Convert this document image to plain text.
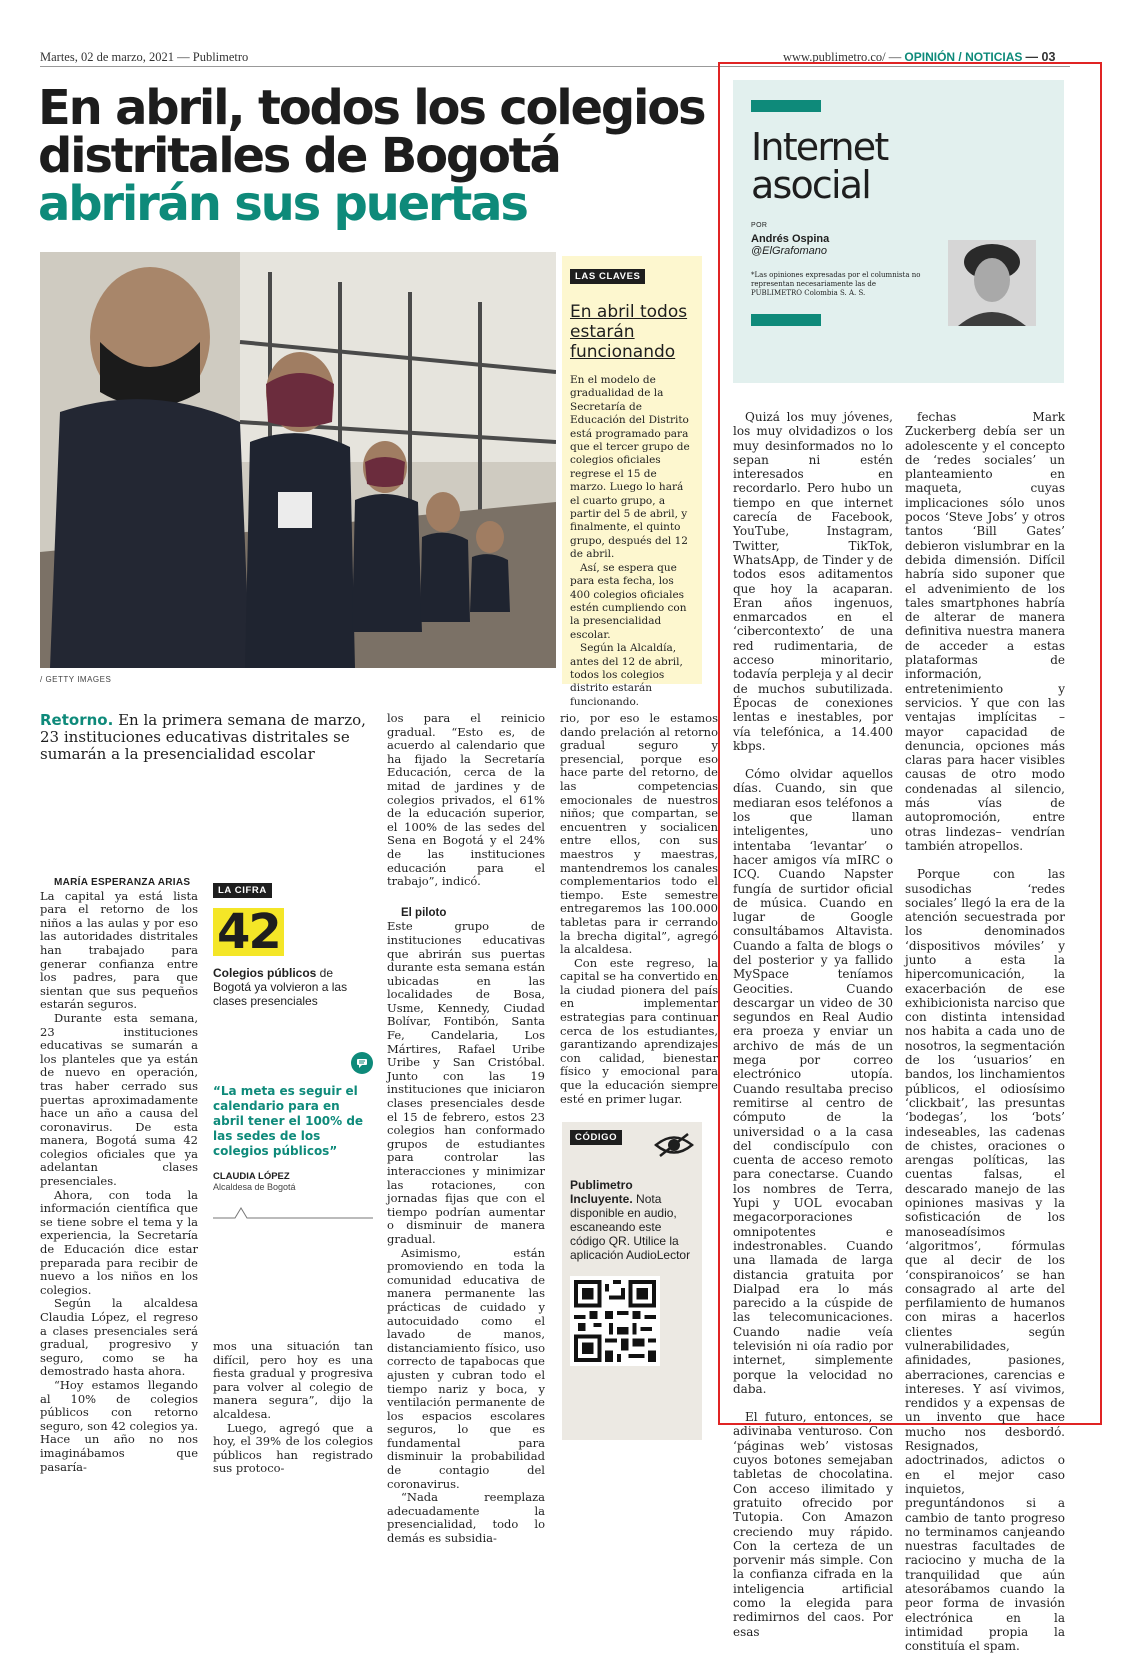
Martes, 02 de marzo, 2021 — Publimetro	www.publimetro.co/ — OPINIÓN / NOTICIAS — 03
En abril, todos los colegios
distritales de Bogotá
abrirán sus puertas
/ GETTY IMAGES
LAS CLAVES
En abril todos estarán funcionando

En el modelo de gradualidad de la Secretaría de Educación del Distrito está programado para que el tercer grupo de colegios oficiales regrese el 15 de marzo. Luego lo hará el cuarto grupo, a partir del 5 de abril, y finalmente, el quinto grupo, después del 12 de abril.

Así, se espera que para esta fecha, los 400 colegios oficiales estén cumpliendo con la presencialidad escolar.

Según la Alcaldía, antes del 12 de abril, todos los colegios distrito estarán funcionando.

Retorno. En la primera semana de marzo, 23 instituciones educativas distritales se sumarán a la presencialidad escolar

MARÍA ESPERANZA ARIAS

La capital ya está lista para el retorno de los niños a las aulas y por eso las autoridades distritales han trabajado para generar confianza entre los padres, para que sientan que sus pequeños estarán seguros.

Durante esta semana, 23 instituciones educativas se sumarán a los planteles que ya están de nuevo en operación, tras haber cerrado sus puertas aproximadamente hace un año a causa del coronavirus. De esta manera, Bogotá suma 42 colegios oficiales que ya adelantan clases presenciales.

Ahora, con toda la información científica que se tiene sobre el tema y la experiencia, la Secretaría de Educación dice estar preparada para recibir de nuevo a los niños en los colegios.

Según la alcaldesa Claudia López, el regreso a clases presenciales será gradual, progresivo y seguro, como se ha demostrado hasta ahora.

“Hoy estamos llegando al 10% de colegios públicos con retorno seguro, son 42 colegios ya. Hace un año no nos imaginábamos que pasaría-

LA CIFRA
42
Colegios públicos de Bogotá ya volvieron a las clases presenciales
“La meta es seguir el calendario para en abril tener el 100% de las sedes de los colegios públicos”
CLAUDIA LÓPEZ
Alcaldesa de Bogotá

mos una situación tan difícil, pero hoy es una fiesta gradual y progresiva para volver al colegio de manera segura”, dijo la alcaldesa.

Luego, agregó que a hoy, el 39% de los colegios públicos han registrado sus protoco-

los para el reinicio gradual. “Esto es, de acuerdo al calendario que ha fijado la Secretaría Educación, cerca de la mitad de jardines y de colegios privados, el 61% de la educación superior, el 100% de las sedes del Sena en Bogotá y el 24% de las instituciones educación para el trabajo”, indicó.

El piloto

Este grupo de instituciones educativas que abrirán sus puertas durante esta semana están ubicadas en las localidades de Bosa, Usme, Kennedy, Ciudad Bolívar, Fontibón, Santa Fe, Candelaria, Los Mártires, Rafael Uribe Uribe y San Cristóbal. Junto con las 19 instituciones que iniciaron clases presenciales desde el 15 de febrero, estos 23 colegios han conformado grupos de estudiantes para controlar las interacciones y minimizar las rotaciones, con jornadas fijas que con el tiempo podrían aumentar o disminuir de manera gradual.

Asimismo, están promoviendo en toda la comunidad educativa de manera permanente las prácticas de cuidado y autocuidado como el lavado de manos, distanciamiento físico, uso correcto de tapabocas que ajusten y cubran todo el tiempo nariz y boca, y ventilación permanente de los espacios escolares seguros, lo que es fundamental para disminuir la probabilidad de contagio del coronavirus.

“Nada reemplaza adecuadamente la presencialidad, todo lo demás es subsidia-

rio, por eso le estamos dando prelación al retorno gradual seguro y presencial, porque eso hace parte del retorno, de las competencias emocionales de nuestros niños; que compartan, se encuentren y socialicen entre ellos, con sus maestros y maestras, mantendremos los canales complementarios todo el tiempo. Este semestre entregaremos las 100.000 tabletas para ir cerrando la brecha digital”, agregó la alcaldesa.

Con este regreso, la capital se ha convertido en la ciudad pionera del país en implementar estrategias para continuar cerca de los estudiantes, garantizando aprendizajes con calidad, bienestar físico y emocional para que la educación siempre esté en primer lugar.

CÓDIGO
Publimetro Incluyente. Nota disponible en audio, escaneando este código QR. Utilice la aplicación AudioLector
Internet
asocial
POR
Andrés Ospina
@ElGrafomano
*Las opiniones expresadas por el columnista no representan necesariamente las de PUBLIMETRO Colombia S. A. S.

Quizá los muy jóvenes, los muy olvidadizos o los muy desinformados no lo sepan ni estén interesados en recordarlo. Pero hubo un tiempo en que internet carecía de Facebook, YouTube, Instagram, Twitter, TikTok, WhatsApp, de Tinder y de todos esos aditamentos que hoy la acaparan. Eran años ingenuos, enmarcados en el ‘cibercontexto’ de una red rudimentaria, de acceso minoritario, todavía perpleja y al decir de muchos subutilizada. Épocas de conexiones lentas e inestables, por vía telefónica, a 14.400 kbps.

Cómo olvidar aquellos días. Cuando, sin que mediaran esos teléfonos a los que llaman inteligentes, uno intentaba ‘levantar’ o hacer amigos vía mIRC o ICQ. Cuando Napster fungía de surtidor oficial de música. Cuando en lugar de Google consultábamos Altavista. Cuando a falta de blogs o del posterior y ya fallido MySpace teníamos Geocities. Cuando descargar un video de 30 segundos en Real Audio era proeza y enviar un archivo de más de un mega por correo electrónico utopía. Cuando resultaba preciso remitirse al centro de cómputo de la universidad o a la casa del condiscípulo con cuenta de acceso remoto para conectarse. Cuando los nombres de Terra, Yupi y UOL evocaban megacorporaciones omnipotentes e indestronables. Cuando una llamada de larga distancia gratuita por Dialpad era lo más parecido a la cúspide de las telecomunicaciones. Cuando nadie veía televisión ni oía radio por internet, simplemente porque la velocidad no daba.

El futuro, entonces, se adivinaba venturoso. Con ‘páginas web’ vistosas cuyos botones semejaban tabletas de chocolatina. Con acceso ilimitado y gratuito ofrecido por Tutopia. Con Amazon creciendo muy rápido. Con la certeza de un porvenir más simple. Con la confianza cifrada en la inteligencia artificial como la elegida para redimirnos del caos. Por esas

fechas Mark Zuckerberg debía ser un adolescente y el concepto de ‘redes sociales’ un planteamiento en maqueta, cuyas implicaciones sólo unos pocos ‘Steve Jobs’ y otros tantos ‘Bill Gates’ debieron vislumbrar en la debida dimensión. Difícil habría sido suponer que el advenimiento de los tales smartphones habría de alterar de manera definitiva nuestra manera de acceder a estas plataformas de información, entretenimiento y servicios. Y que con las ventajas implícitas –mayor capacidad de denuncia, opciones más claras para hacer visibles causas de otro modo condenadas al silencio, más vías de autopromoción, entre otras lindezas– vendrían también atropellos.

Porque con las susodichas ‘redes sociales’ llegó la era de la atención secuestrada por los denominados ‘dispositivos móviles’ y junto a esta la hipercomunicación, la exacerbación de ese exhibicionista narciso que con distinta intensidad nos habita a cada uno de nosotros, la segmentación de los ‘usuarios’ en bandos, los linchamientos públicos, el odiosísimo ‘clickbait’, las presuntas ‘bodegas’, los ‘bots’ indeseables, las cadenas de chistes, oraciones o arengas políticas, las cuentas falsas, el descarado manejo de las opiniones masivas y la sofisticación de los manoseadísimos ‘algoritmos’, fórmulas que al decir de los ‘conspiranoicos’ se han consagrado al arte del perfilamiento de humanos con miras a hacerlos clientes según vulnerabilidades, afinidades, pasiones, aberraciones, carencias e intereses. Y así vivimos, rendidos y a expensas de un invento que hace mucho nos desbordó. Resignados, adoctrinados, adictos o en el mejor caso inquietos, preguntándonos si a cambio de tanto progreso no terminamos canjeando nuestras facultades de raciocino y mucha de la tranquilidad que aún atesorábamos cuando la peor forma de invasión electrónica en la intimidad propia la constituía el spam.
